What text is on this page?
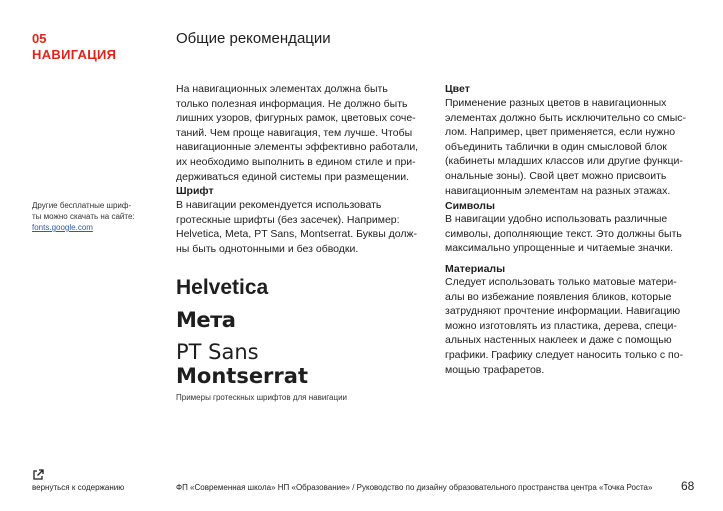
05
НАВИГАЦИЯ
Общие рекомендации
Другие бесплатные шриф-
ты можно скачать на сайте:
fonts.google.com
На навигационных элементах должна быть
только полезная информация. Не должно быть
лишних узоров, фигурных рамок, цветовых соче-
таний. Чем проще навигация, тем лучше. Чтобы
навигационные элементы эффективно работали,
их необходимо выполнить в едином стиле и при-
держиваться единой системы при размещении.
Шрифт
В навигации рекомендуется использовать
гротескные шрифты (без засечек). Например:
Helvetica, Meta, PT Sans, Montserrat. Буквы долж-
ны быть однотонными и без обводки.
Helvetica
Мета
PT Sans
Montserrat
Примеры гротескных шрифтов для навигации
Цвет
Применение разных цветов в навигационных
элементах должно быть исключительно со смыс-
лом. Например, цвет применяется, если нужно
объединить таблички в один смысловой блок
(кабинеты младших классов или другие функци-
ональные зоны). Свой цвет можно присвоить
навигационным элементам на разных этажах.
Символы
В навигации удобно использовать различные
символы, дополняющие текст. Это должны быть
максимально упрощенные и читаемые значки.
Материалы
Следует использовать только матовые матери-
алы во избежание появления бликов, которые
затрудняют прочтение информации. Навигацию
можно изготовлять из пластика, дерева, специ-
альных настенных наклеек и даже с помощью
графики. Графику следует наносить только с по-
мощью трафаретов.
вернуться к содержанию	ФП «Современная школа» НП «Образование» / Руководство по дизайну образовательного пространства центра «Точка Роста» 68
